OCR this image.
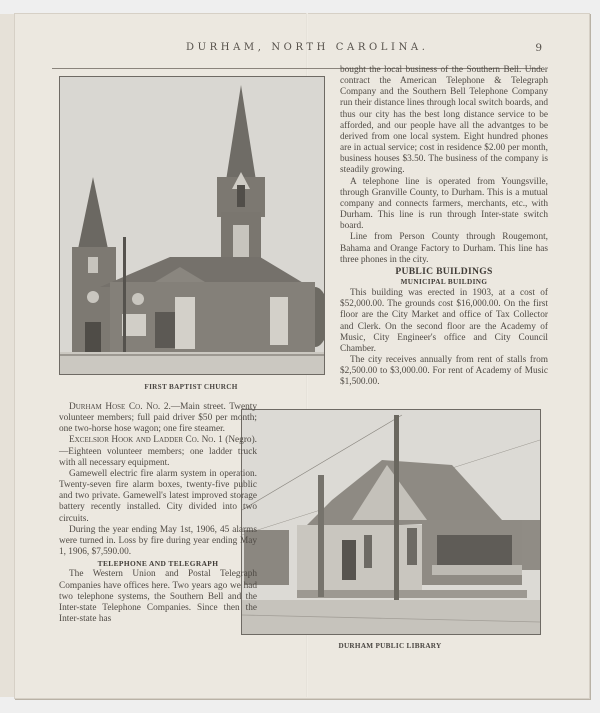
DURHAM, NORTH CAROLINA.	9
FIRST BAPTIST CHURCH
DURHAM PUBLIC LIBRARY

Durham Hose Co. No. 2.—Main street. Twenty volunteer members; full paid driver $50 per month; one two-horse hose wagon; one fire steamer.

Excelsior Hook and Ladder Co. No. 1 (Negro).—Eighteen volunteer members; one ladder truck with all necessary equipment.

Gamewell electric fire alarm system in operation. Twenty-seven fire alarm boxes, twenty-five public and two private. Gamewell's latest improved storage battery recently installed. City divided into two circuits.

During the year ending May 1st, 1906, 45 alarms were turned in. Loss by fire during year ending May 1, 1906, $7,590.00.

TELEPHONE AND TELEGRAPH

The Western Union and Postal Telegraph Companies have offices here. Two years ago we had two telephone systems, the Southern Bell and the Inter-state Telephone Companies. Since then the Inter-state has

bought the local business of the Southern Bell. Under contract the American Telephone & Telegraph Company and the Southern Bell Telephone Company run their distance lines through local switch boards, and thus our city has the best long distance service to be afforded, and our people have all the advantges to be derived from one local system. Eight hundred phones are in actual service; cost in residence $2.00 per month, business houses $3.50. The business of the company is steadily growing.

A telephone line is operated from Youngsville, through Granville County, to Durham. This is a mutual company and connects farmers, merchants, etc., with Durham. This line is run through Inter-state switch board.

Line from Person County through Rougemont, Bahama and Orange Factory to Durham. This line has three phones in the city.

PUBLIC BUILDINGS

MUNICIPAL BUILDING

This building was erected in 1903, at a cost of $52,000.00. The grounds cost $16,000.00. On the first floor are the City Market and office of Tax Collector and Clerk. On the second floor are the Academy of Music, City Engineer's office and City Council Chamber.

The city receives annually from rent of stalls from $2,500.00 to $3,000.00. For rent of Academy of Music $1,500.00.
